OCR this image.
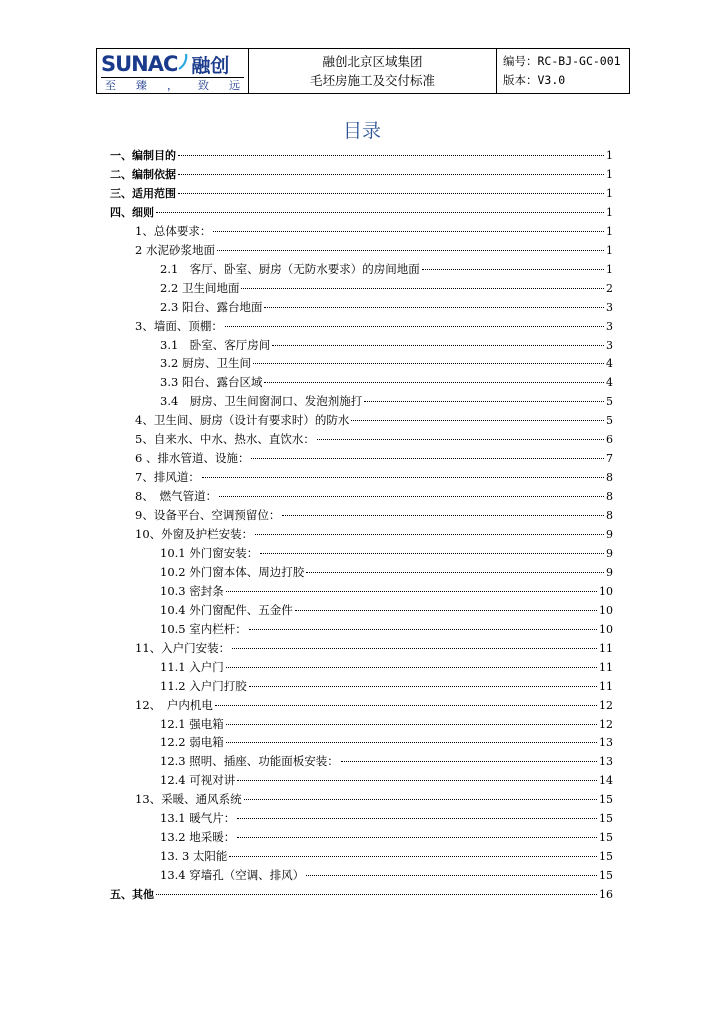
SUNAC 融创
至 臻 ， 致 远
融创北京区域集团
毛坯房施工及交付标准
编号：RC-BJ-GC-001
版本：V3.0
目录
一、编制目的	1
二、编制依据	1
三、适用范围	1
四、细则	1
1、总体要求：	1
2 水泥砂浆地面	1
2.1　客厅、卧室、厨房（无防水要求）的房间地面	1
2.2 卫生间地面	2
2.3 阳台、露台地面	3
3、墙面、顶棚：	3
3.1　卧室、客厅房间	3
3.2 厨房、卫生间	4
3.3 阳台、露台区域	4
3.4　厨房、卫生间窗洞口、发泡剂施打	5
4、卫生间、厨房（设计有要求时）的防水	5
5、自来水、中水、热水、直饮水：	6
6 、排水管道、设施：	7
7、排风道：	8
8、　燃气管道：	8
9、设备平台、空调预留位：	8
10、外窗及护栏安装：	9
10.1 外门窗安装：	9
10.2 外门窗本体、周边打胶	9
10.3 密封条	10
10.4 外门窗配件、五金件	10
10.5 室内栏杆：	10
11、入户门安装：	11
11.1 入户门	11
11.2 入户门打胶	11
12、　户内机电	12
12.1 强电箱	12
12.2 弱电箱	13
12.3 照明、插座、功能面板安装：	13
12.4 可视对讲	14
13、采暖、通风系统	15
13.1 暖气片：	15
13.2 地采暖：	15
13. 3 太阳能	15
13.4 穿墙孔（空调、排风）	15
五、其他	16
